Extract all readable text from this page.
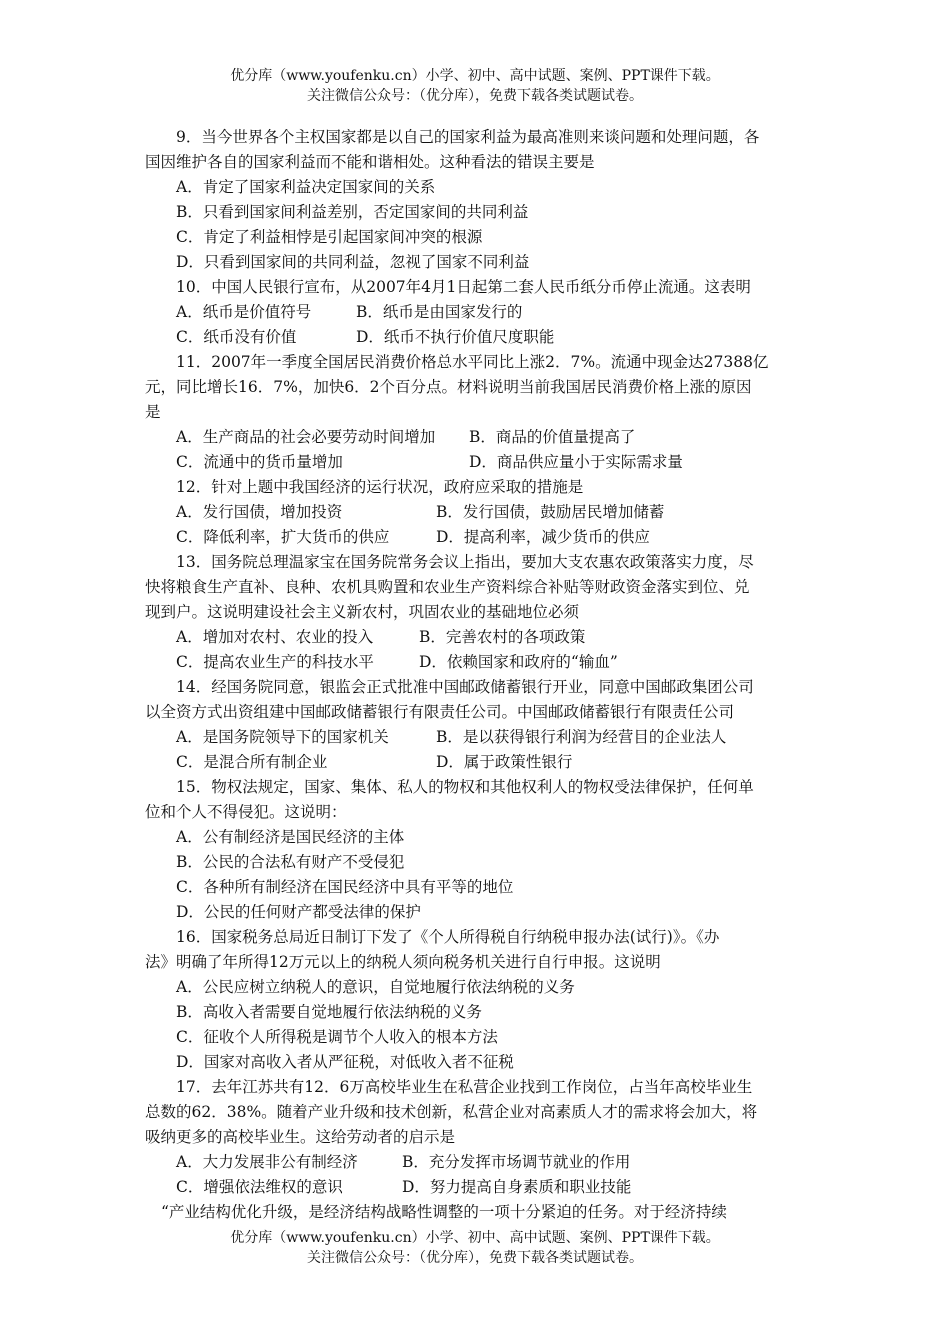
优分库（www.youfenku.cn）小学、初中、高中试题、案例、PPT课件下载。
关注微信公众号：（优分库），免费下载各类试题试卷。
9．当今世界各个主权国家都是以自己的国家利益为最高准则来谈问题和处理问题，各
国因维护各自的国家利益而不能和谐相处。这种看法的错误主要是
A．肯定了国家利益决定国家间的关系
B．只看到国家间利益差别，否定国家间的共同利益
C．肯定了利益相悖是引起国家间冲突的根源
D．只看到国家间的共同利益，忽视了国家不同利益
10．中国人民银行宣布，从2007年4月1日起第二套人民币纸分币停止流通。这表明
A．纸币是价值符号	B．纸币是由国家发行的
C．纸币没有价值	D．纸币不执行价值尺度职能
11．2007年一季度全国居民消费价格总水平同比上涨2．7%。流通中现金达27388亿
元，同比增长16．7%，加快6．2个百分点。材料说明当前我国居民消费价格上涨的原因
是
A．生产商品的社会必要劳动时间增加 B．商品的价值量提高了
C．流通中的货币量增加	D．商品供应量小于实际需求量
12．针对上题中我国经济的运行状况，政府应采取的措施是
A．发行国债，增加投资	B．发行国债，鼓励居民增加储蓄
C．降低利率，扩大货币的供应	D．提高利率，减少货币的供应
13．国务院总理温家宝在国务院常务会议上指出，要加大支农惠农政策落实力度，尽
快将粮食生产直补、良种、农机具购置和农业生产资料综合补贴等财政资金落实到位、兑
现到户。这说明建设社会主义新农村，巩固农业的基础地位必须
A．增加对农村、农业的投入	B．完善农村的各项政策
C．提高农业生产的科技水平	D．依赖国家和政府的“输血”
14．经国务院同意，银监会正式批准中国邮政储蓄银行开业，同意中国邮政集团公司
以全资方式出资组建中国邮政储蓄银行有限责任公司。中国邮政储蓄银行有限责任公司
A．是国务院领导下的国家机关	B．是以获得银行利润为经营目的企业法人
C．是混合所有制企业	D．属于政策性银行
15．物权法规定，国家、集体、私人的物权和其他权利人的物权受法律保护，任何单
位和个人不得侵犯。这说明：
A．公有制经济是国民经济的主体
B．公民的合法私有财产不受侵犯
C．各种所有制经济在国民经济中具有平等的地位
D．公民的任何财产都受法律的保护
16．国家税务总局近日制订下发了《个人所得税自行纳税申报办法(试行)》。《办
法》明确了年所得12万元以上的纳税人须向税务机关进行自行申报。这说明
A．公民应树立纳税人的意识，自觉地履行依法纳税的义务
B．高收入者需要自觉地履行依法纳税的义务
C．征收个人所得税是调节个人收入的根本方法
D．国家对高收入者从严征税，对低收入者不征税
17．去年江苏共有12．6万高校毕业生在私营企业找到工作岗位，占当年高校毕业生
总数的62．38%。随着产业升级和技术创新，私营企业对高素质人才的需求将会加大，将
吸纳更多的高校毕业生。这给劳动者的启示是
A．大力发展非公有制经济	B．充分发挥市场调节就业的作用
C．增强依法维权的意识	D．努力提高自身素质和职业技能
“产业结构优化升级，是经济结构战略性调整的一项十分紧迫的任务。对于经济持续
优分库（www.youfenku.cn）小学、初中、高中试题、案例、PPT课件下载。
关注微信公众号：（优分库），免费下载各类试题试卷。
